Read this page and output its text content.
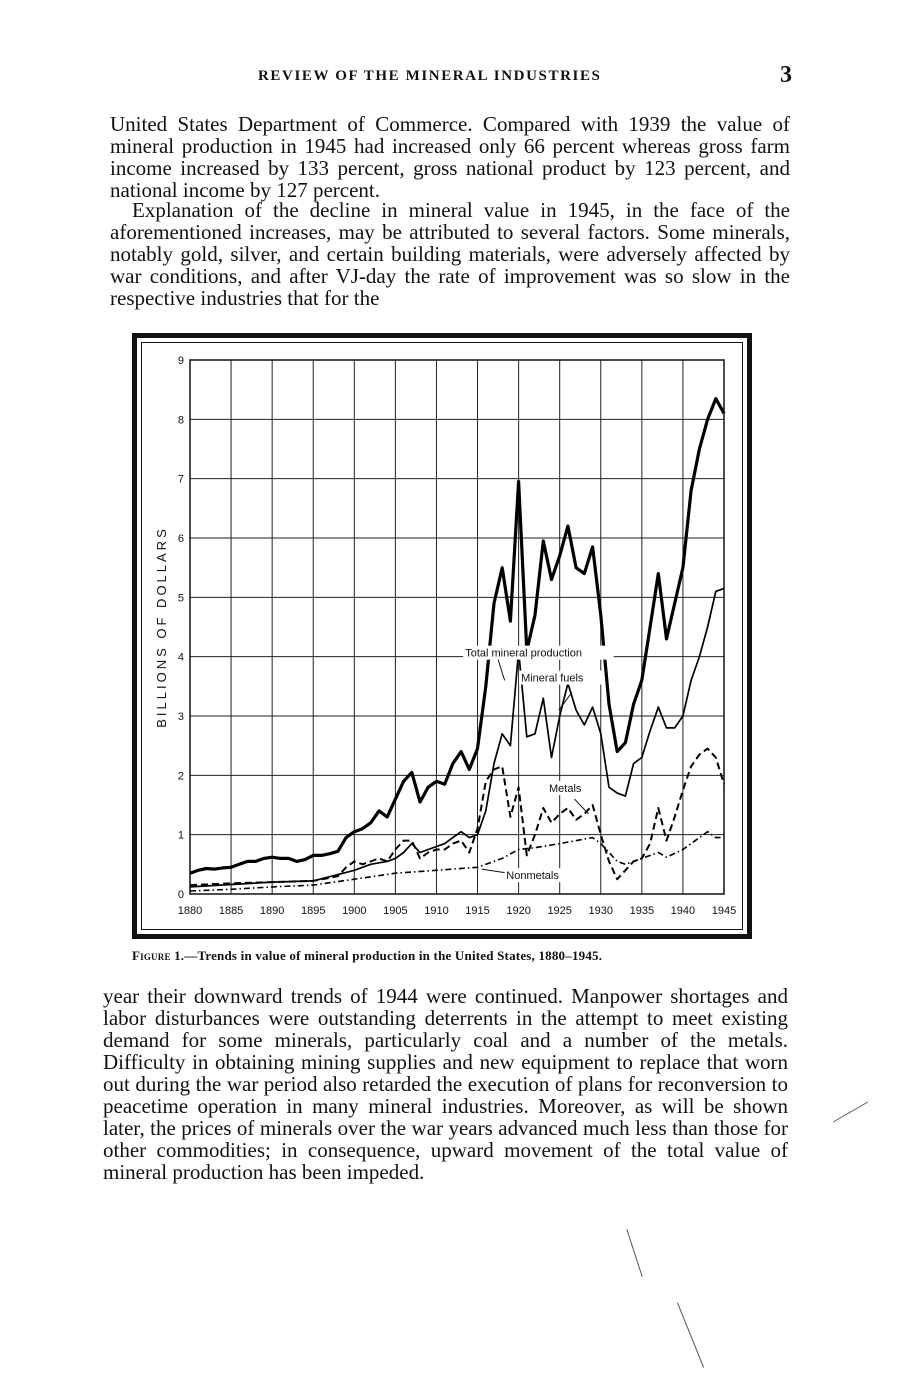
REVIEW OF THE MINERAL INDUSTRIES	3

United States Department of Commerce. Compared with 1939 the value of mineral production in 1945 had increased only 66 percent whereas gross farm income increased by 133 percent, gross national product by 123 percent, and national income by 127 percent.

Explanation of the decline in mineral value in 1945, in the face of the aforementioned increases, may be attributed to several factors. Some minerals, notably gold, silver, and certain building materials, were adversely affected by war conditions, and after VJ-day the rate of improvement was so slow in the respective industries that for the

1880 1885 1890 1895 1900 1905 1910 1915 1920 1925 1930 1935 1940 1945
0
1
2
3
4
5
6
7
8
9
BILLIONS OF DOLLARS	Total mineral production
Mineral fuels
Metals
Nonmetals
Figure 1.—Trends in value of mineral production in the United States, 1880–1945.

year their downward trends of 1944 were continued. Manpower shortages and labor disturbances were outstanding deterrents in the attempt to meet existing demand for some minerals, particularly coal and a number of the metals. Difficulty in obtaining mining supplies and new equipment to replace that worn out during the war period also retarded the execution of plans for reconversion to peacetime operation in many mineral industries. Moreover, as will be shown later, the prices of minerals over the war years advanced much less than those for other commodities; in consequence, upward movement of the total value of mineral production has been impeded.
